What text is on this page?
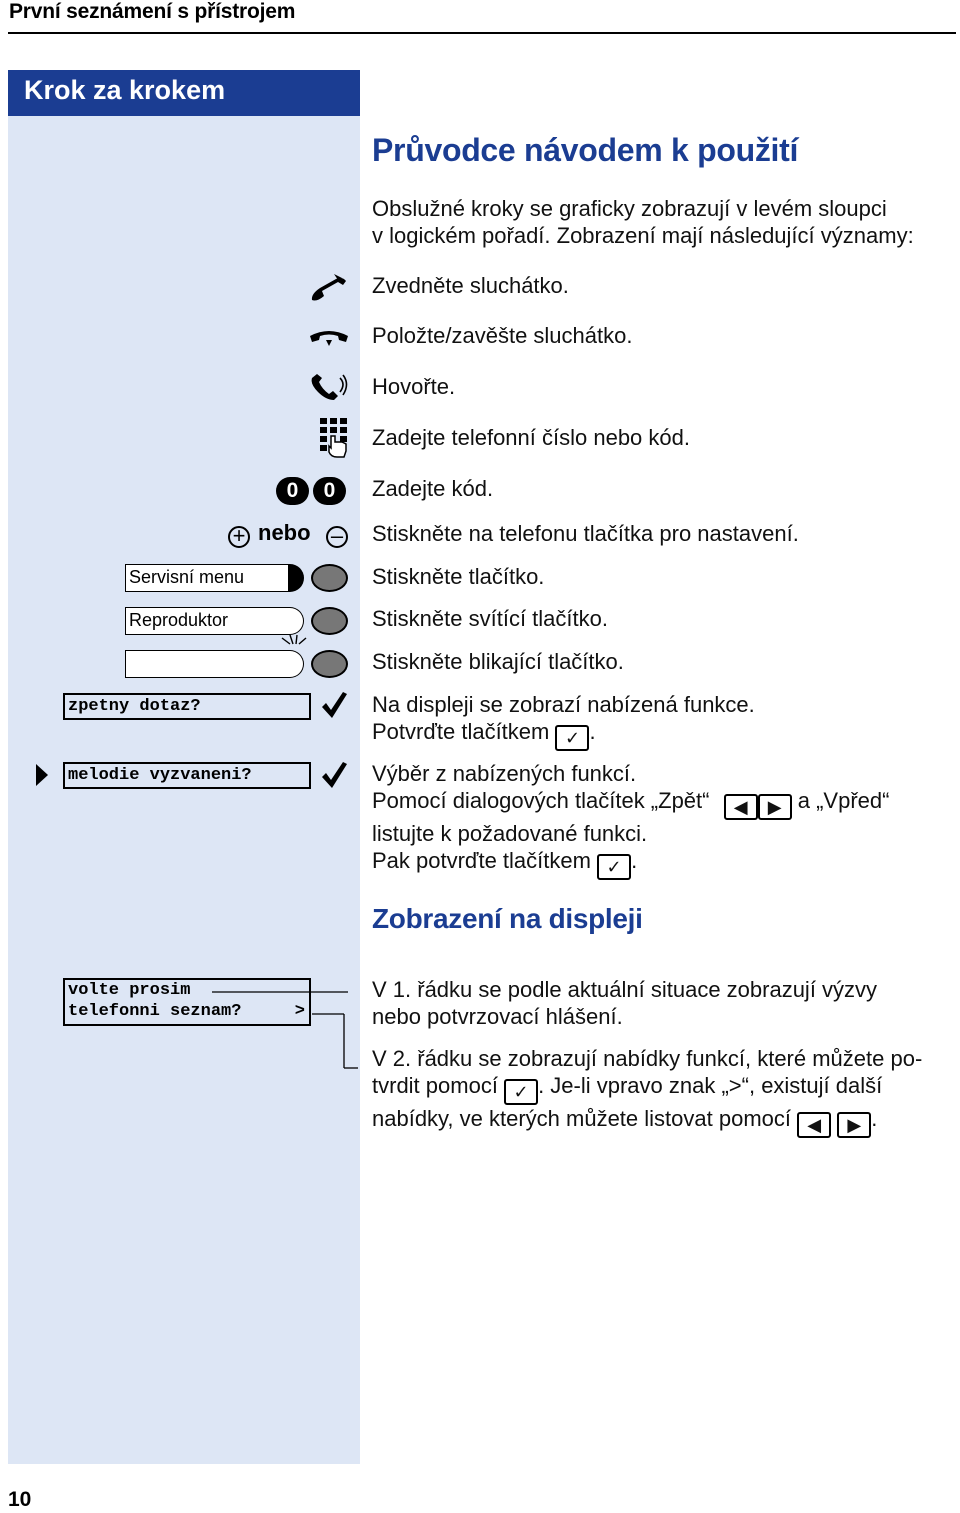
První seznámení s přístrojem
Krok za krokem
Průvodce návodem k použití
Obslužné kroky se graficky zobrazují v levém sloupci
v logickém pořadí. Zobrazení mají následující významy:
Zvedněte sluchátko.
Položte/zavěšte sluchátko.
Hovořte.
Zadejte telefonní číslo nebo kód.
0	0	Zadejte kód.
+ nebo – Stiskněte na telefonu tlačítka pro nastavení.
Servisní menu	Stiskněte tlačítko.
Reproduktor	Stiskněte svítící tlačítko.
Stiskněte blikající tlačítko.
zpetny dotaz?	Na displeji se zobrazí nabízená funkce.
Potvrďte tlačítkem ✓ .
melodie vyzvaneni?	Výběr z nabízených funkcí.
Pomocí dialogových tlačítek „Zpět“ ◀ ▶ a „Vpřed“
listujte k požadované funkci.
Pak potvrďte tlačítkem ✓ .
Zobrazení na displeji
volte prosim
telefonni seznam?	>
V 1. řádku se podle aktuální situace zobrazují výzvy
nebo potvrzovací hlášení.
V 2. řádku se zobrazují nabídky funkcí, které můžete po-
tvrdit pomocí ✓ . Je-li vpravo znak „>“, existují další
nabídky, ve kterých můžete listovat pomocí ◀ ▶ .
10
